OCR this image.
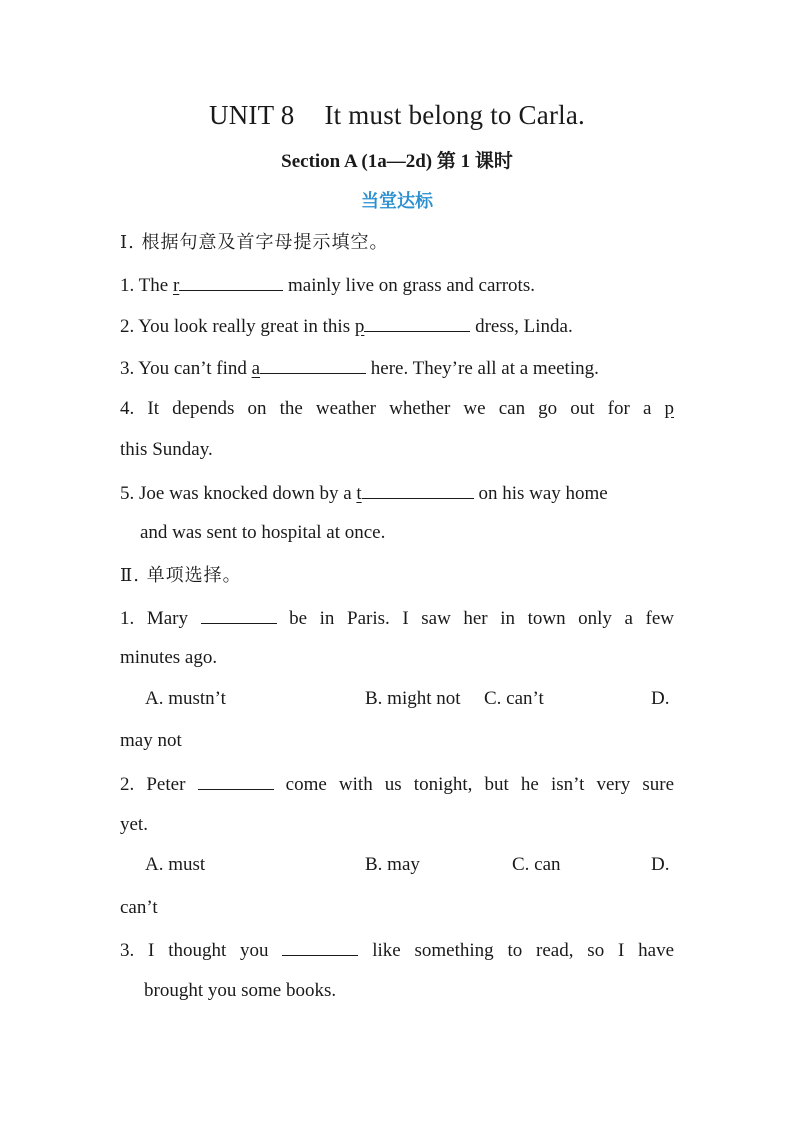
UNIT 8 It must belong to Carla.
Section A (1a—2d) 第 1 课时
当堂达标
Ⅰ. 根据句意及首字母提示填空。
1. The r	mainly live on grass and carrots.
2. You look really great in this p	dress, Linda.
3. You can’t find a	here. They’re all at a meeting.
4. It depends on the weather whether we can go out for a p
this Sunday.
5. Joe was knocked down by a t	on his way home
and was sent to hospital at once.
Ⅱ. 单项选择。
1. Mary	be in Paris. I saw her in town only a few
minutes ago.
A. mustn’t	B. might not C. can’t	D.
may not
2. Peter	come with us tonight, but he isn’t very sure
yet.
A. must	B. may	C. can	D.
can’t
3. I thought you	like something to read, so I have
brought you some books.
